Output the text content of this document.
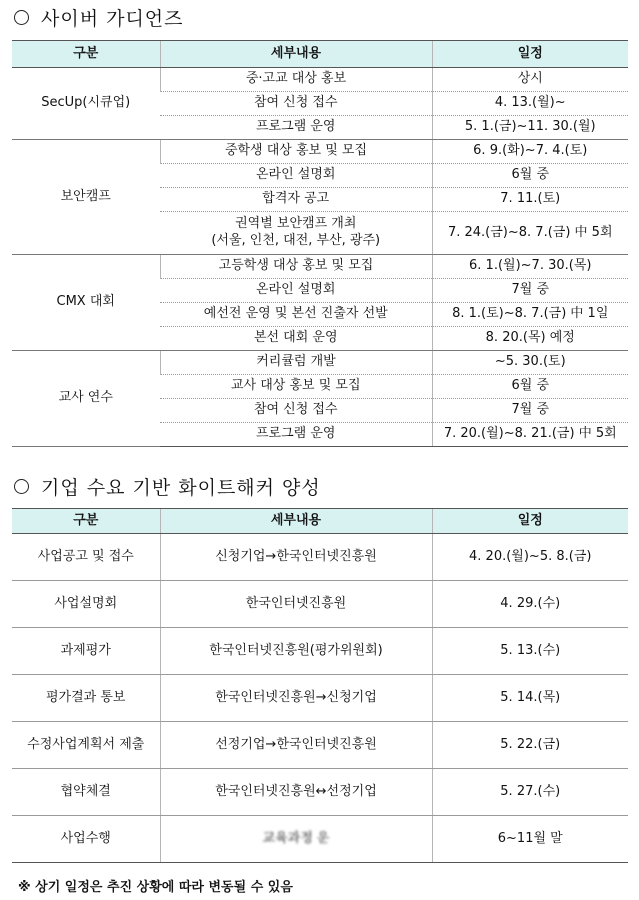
사이버 가디언즈
구분	세부내용	일정
SecUp(시큐업)	중·고교 대상 홍보	상시
	참여 신청 접수	4. 13.(월)~
	프로그램 운영	5. 1.(금)~11. 30.(월)
보안캠프	중학생 대상 홍보 및 모집	6. 9.(화)~7. 4.(토)
	온라인 설명회	6월 중
	합격자 공고	7. 11.(토)

	권역별 보안캠프 개최
(서울, 인천, 대전, 부산, 광주)	7. 24.(금)~8. 7.(금) 中 5회
CMX 대회	고등학생 대상 홍보 및 모집	6. 1.(월)~7. 30.(목)
	온라인 설명회	7월 중
	예선전 운영 및 본선 진출자 선발	8. 1.(토)~8. 7.(금) 中 1일
	본선 대회 운영	8. 20.(목) 예정
교사 연수	커리큘럼 개발	~5. 30.(토)
	교사 대상 홍보 및 모집	6월 중
	참여 신청 접수	7월 중
	프로그램 운영	7. 20.(월)~8. 21.(금) 中 5회
기업 수요 기반 화이트해커 양성
구분	세부내용	일정
사업공고 및 접수	신청기업→한국인터넷진흥원	4. 20.(월)~5. 8.(금)
사업설명회	한국인터넷진흥원	4. 29.(수)
과제평가	한국인터넷진흥원(평가위원회)	5. 13.(수)
평가결과 통보	한국인터넷진흥원→신청기업	5. 14.(목)
수정사업계획서 제출	선정기업→한국인터넷진흥원	5. 22.(금)
협약체결	한국인터넷진흥원↔선정기업	5. 27.(수)
사업수행	교육과정 운	6~11월 말
※ 상기 일정은 추진 상황에 따라 변동될 수 있음
